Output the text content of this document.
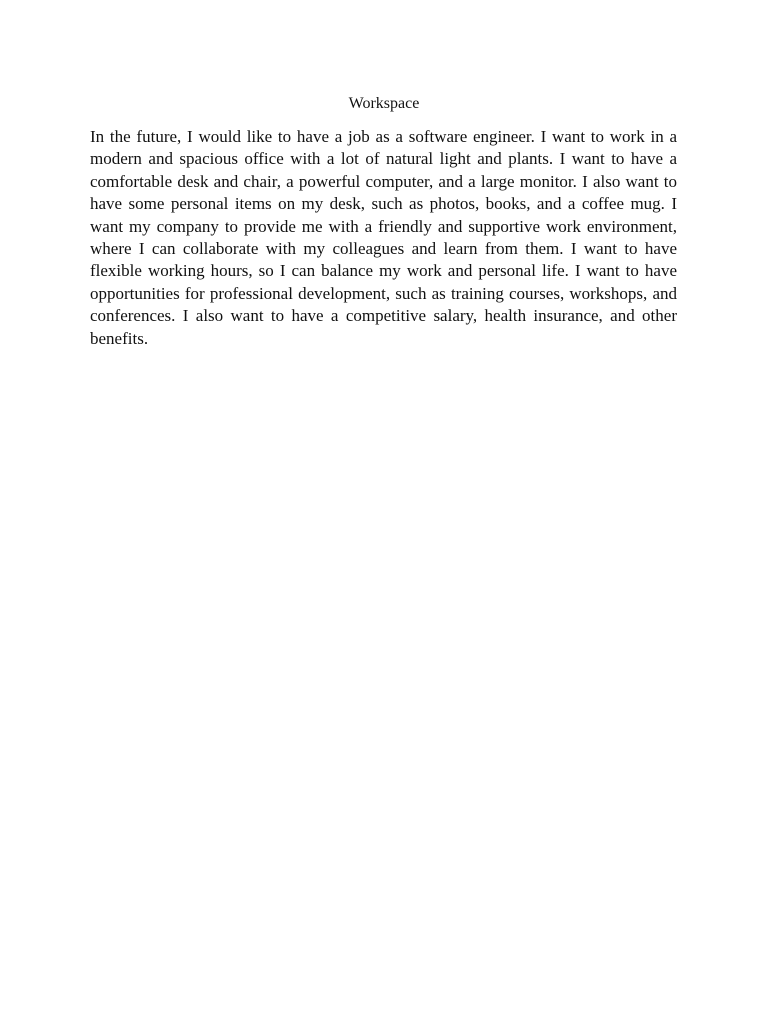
Workspace

In the future, I would like to have a job as a software engineer. I want to work in a modern and spacious office with a lot of natural light and plants. I want to have a comfortable desk and chair, a powerful computer, and a large monitor. I also want to have some personal items on my desk, such as photos, books, and a coffee mug. I want my company to provide me with a friendly and supportive work environment, where I can collaborate with my colleagues and learn from them. I want to have flexible working hours, so I can balance my work and personal life. I want to have opportunities for professional development, such as training courses, workshops, and conferences. I also want to have a competitive salary, health insurance, and other benefits.
